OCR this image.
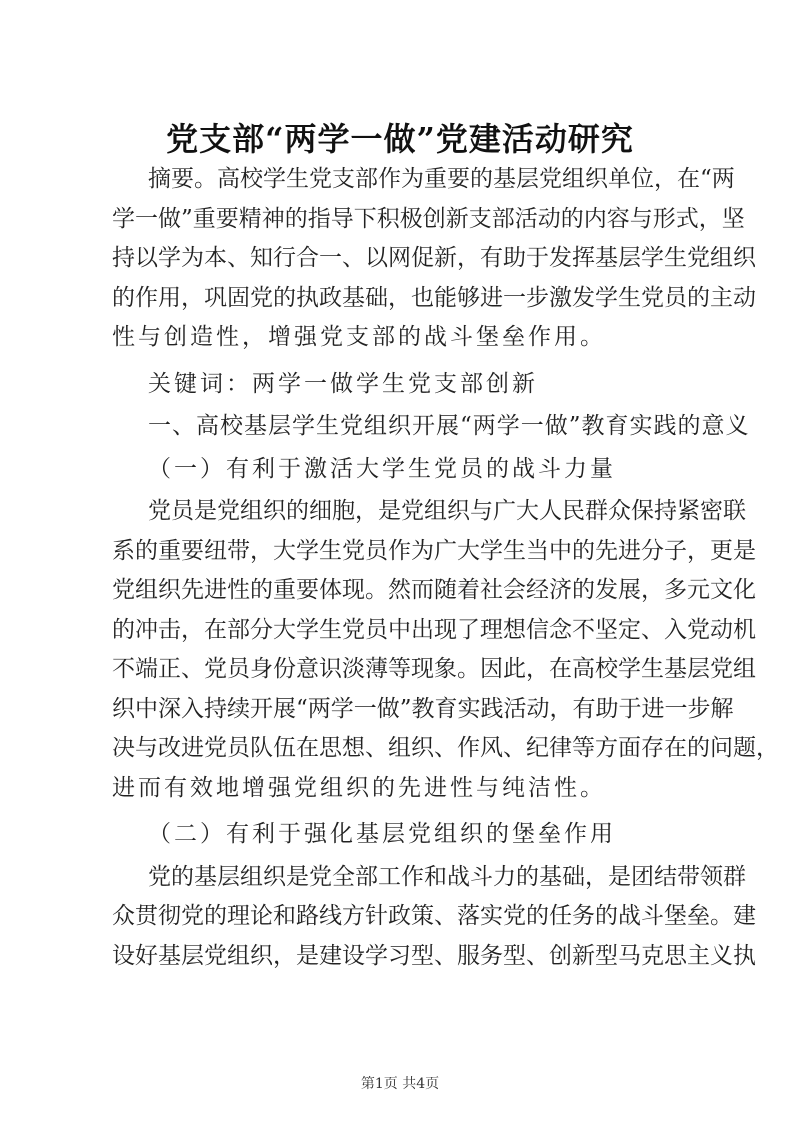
党支部“两学一做”党建活动研究
摘要。高校学生党支部作为重要的基层党组织单位，在“两
学一做”重要精神的指导下积极创新支部活动的内容与形式，坚
持以学为本、知行合一、以网促新，有助于发挥基层学生党组织
的作用，巩固党的执政基础，也能够进一步激发学生党员的主动
性与创造性，增强党支部的战斗堡垒作用。
关键词：两学一做学生党支部创新
一、高校基层学生党组织开展“两学一做”教育实践的意义
（一）有利于激活大学生党员的战斗力量
党员是党组织的细胞，是党组织与广大人民群众保持紧密联
系的重要纽带，大学生党员作为广大学生当中的先进分子，更是
党组织先进性的重要体现。然而随着社会经济的发展，多元文化
的冲击，在部分大学生党员中出现了理想信念不坚定、入党动机
不端正、党员身份意识淡薄等现象。因此，在高校学生基层党组
织中深入持续开展“两学一做”教育实践活动，有助于进一步解
决与改进党员队伍在思想、组织、作风、纪律等方面存在的问题，
进而有效地增强党组织的先进性与纯洁性。
（二）有利于强化基层党组织的堡垒作用
党的基层组织是党全部工作和战斗力的基础，是团结带领群
众贯彻党的理论和路线方针政策、落实党的任务的战斗堡垒。建
设好基层党组织，是建设学习型、服务型、创新型马克思主义执
第1页 共4页
